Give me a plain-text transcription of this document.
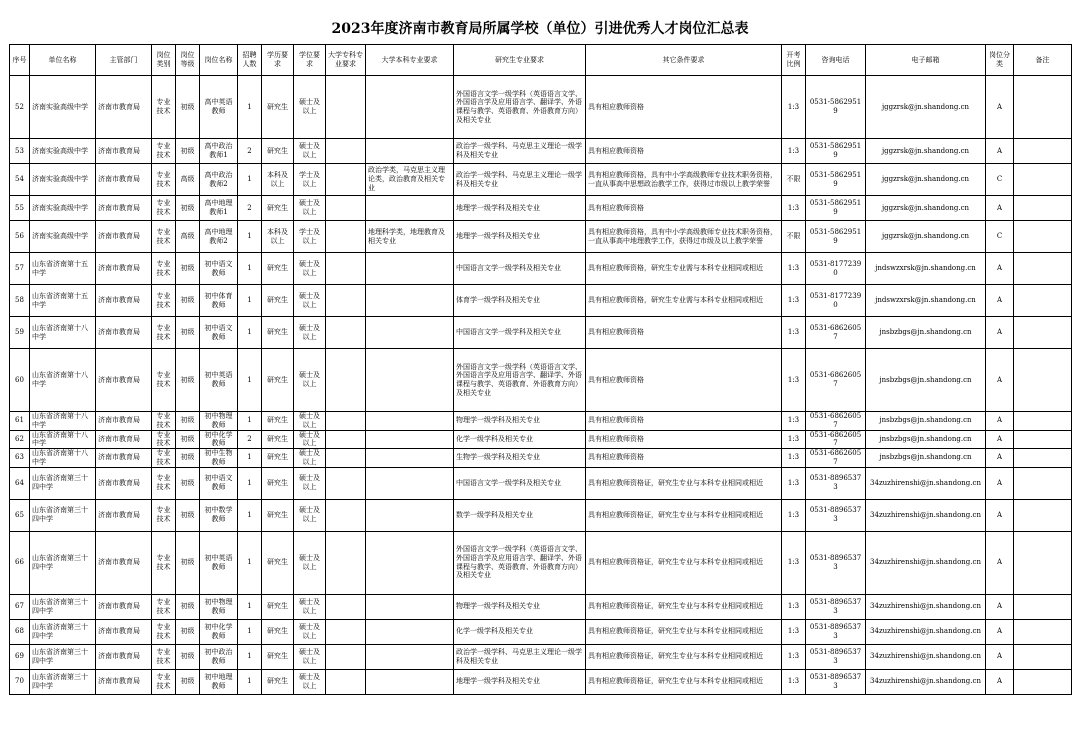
2023年度济南市教育局所属学校（单位）引进优秀人才岗位汇总表
序号	单位名称	主管部门	岗位类别	岗位等级	岗位名称	招聘人数	学历要求	学位要求	大学专科专业要求	大学本科专业要求	研究生专业要求	其它条件要求	开考比例	咨询电话	电子邮箱	岗位分类	备注
52	济南实验高级中学	济南市教育局	专业技术	初级	高中英语教师	1	研究生	硕士及以上			外国语言文学一级学科（英语语言文学、外国语言学及应用语言学、翻译学、外语课程与教学、英语教育、外语教育方向）及相关专业	具有相应教师资格	1:3	0531-58629519	jggzrsk@jn.shandong.cn	A	
53	济南实验高级中学	济南市教育局	专业技术	初级	高中政治教师1	2	研究生	硕士及以上			政治学一级学科、马克思主义理论一级学科及相关专业	具有相应教师资格	1:3	0531-58629519	jggzrsk@jn.shandong.cn	A	
54	济南实验高级中学	济南市教育局	专业技术	高级	高中政治教师2	1	本科及以上	学士及以上		政治学类，马克思主义理论类，政治教育及相关专业	政治学一级学科、马克思主义理论一级学科及相关专业	具有相应教师资格，具有中小学高级教师专业技术职务资格，一直从事高中思想政治教学工作，获得过市级以上教学荣誉	不限	0531-58629519	jggzrsk@jn.shandong.cn	C	
55	济南实验高级中学	济南市教育局	专业技术	初级	高中地理教师1	2	研究生	硕士及以上			地理学一级学科及相关专业	具有相应教师资格	1:3	0531-58629519	jggzrsk@jn.shandong.cn	A	
56	济南实验高级中学	济南市教育局	专业技术	高级	高中地理教师2	1	本科及以上	学士及以上		地理科学类，地理教育及相关专业	地理学一级学科及相关专业	具有相应教师资格，具有中小学高级教师专业技术职务资格，一直从事高中地理教学工作，获得过市级及以上教学荣誉	不限	0531-58629519	jggzrsk@jn.shandong.cn	C	
57	山东省济南第十五中学	济南市教育局	专业技术	初级	初中语文教师	1	研究生	硕士及以上			中国语言文学一级学科及相关专业	具有相应教师资格，研究生专业需与本科专业相同或相近	1:3	0531-81772390	jndswzxrsk@jn.shandong.cn	A	
58	山东省济南第十五中学	济南市教育局	专业技术	初级	初中体育教师	1	研究生	硕士及以上			体育学一级学科及相关专业	具有相应教师资格，研究生专业需与本科专业相同或相近	1:3	0531-81772390	jndswzxrsk@jn.shandong.cn	A	
59	山东省济南第十八中学	济南市教育局	专业技术	初级	初中语文教师	1	研究生	硕士及以上			中国语言文学一级学科及相关专业	具有相应教师资格	1:3	0531-68626057	jnsbzbgs@jn.shandong.cn	A	
60	山东省济南第十八中学	济南市教育局	专业技术	初级	初中英语教师	1	研究生	硕士及以上			外国语言文学一级学科（英语语言文学、外国语言学及应用语言学、翻译学、外语课程与教学、英语教育、外语教育方向）及相关专业	具有相应教师资格	1:3	0531-68626057	jnsbzbgs@jn.shandong.cn	A	
61	山东省济南第十八中学	济南市教育局	专业技术	初级	初中物理教师	1	研究生	硕士及以上			物理学一级学科及相关专业	具有相应教师资格	1:3	0531-68626057	jnsbzbgs@jn.shandong.cn	A	
62	山东省济南第十八中学	济南市教育局	专业技术	初级	初中化学教师	2	研究生	硕士及以上			化学一级学科及相关专业	具有相应教师资格	1:3	0531-68626057	jnsbzbgs@jn.shandong.cn	A	
63	山东省济南第十八中学	济南市教育局	专业技术	初级	初中生物教师	1	研究生	硕士及以上			生物学一级学科及相关专业	具有相应教师资格	1:3	0531-68626057	jnsbzbgs@jn.shandong.cn	A	
64	山东省济南第三十四中学	济南市教育局	专业技术	初级	初中语文教师	1	研究生	硕士及以上			中国语言文学一级学科及相关专业	具有相应教师资格证，研究生专业与本科专业相同或相近	1:3	0531-88965373	34zuzhirenshi@jn.shandong.cn	A	
65	山东省济南第三十四中学	济南市教育局	专业技术	初级	初中数学教师	1	研究生	硕士及以上			数学一级学科及相关专业	具有相应教师资格证，研究生专业与本科专业相同或相近	1:3	0531-88965373	34zuzhirenshi@jn.shandong.cn	A	
66	山东省济南第三十四中学	济南市教育局	专业技术	初级	初中英语教师	1	研究生	硕士及以上			外国语言文学一级学科（英语语言文学、外国语言学及应用语言学、翻译学、外语课程与教学、英语教育、外语教育方向）及相关专业	具有相应教师资格证，研究生专业与本科专业相同或相近	1:3	0531-88965373	34zuzhirenshi@jn.shandong.cn	A	
67	山东省济南第三十四中学	济南市教育局	专业技术	初级	初中物理教师	1	研究生	硕士及以上			物理学一级学科及相关专业	具有相应教师资格证，研究生专业与本科专业相同或相近	1:3	0531-88965373	34zuzhirenshi@jn.shandong.cn	A	
68	山东省济南第三十四中学	济南市教育局	专业技术	初级	初中化学教师	1	研究生	硕士及以上			化学一级学科及相关专业	具有相应教师资格证，研究生专业与本科专业相同或相近	1:3	0531-88965373	34zuzhirenshi@jn.shandong.cn	A	
69	山东省济南第三十四中学	济南市教育局	专业技术	初级	初中政治教师	1	研究生	硕士及以上			政治学一级学科、马克思主义理论一级学科及相关专业	具有相应教师资格证，研究生专业与本科专业相同或相近	1:3	0531-88965373	34zuzhirenshi@jn.shandong.cn	A	
70	山东省济南第三十四中学	济南市教育局	专业技术	初级	初中地理教师	1	研究生	硕士及以上			地理学一级学科及相关专业	具有相应教师资格证，研究生专业与本科专业相同或相近	1:3	0531-88965373	34zuzhirenshi@jn.shandong.cn	A	
